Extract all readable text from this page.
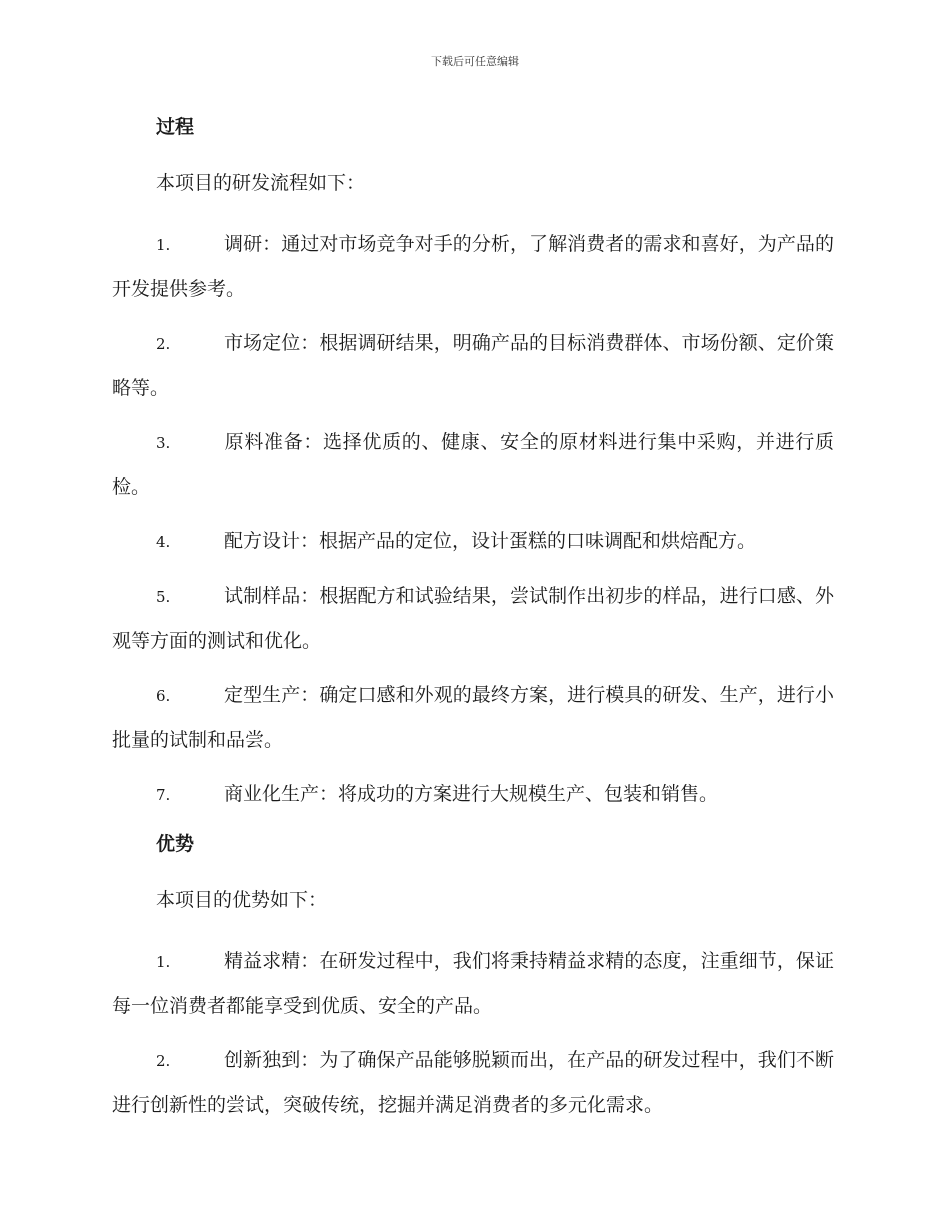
下载后可任意编辑
过程

本项目的研发流程如下：

1.	调研：通过对市场竞争对手的分析，了解消费者的需求和喜好，为产品的开发提供参考。

2.	市场定位：根据调研结果，明确产品的目标消费群体、市场份额、定价策略等。

3.	原料准备：选择优质的、健康、安全的原材料进行集中采购，并进行质检。

4.	配方设计：根据产品的定位，设计蛋糕的口味调配和烘焙配方。

5.	试制样品：根据配方和试验结果，尝试制作出初步的样品，进行口感、外观等方面的测试和优化。

6.	定型生产：确定口感和外观的最终方案，进行模具的研发、生产，进行小批量的试制和品尝。

7.	商业化生产：将成功的方案进行大规模生产、包装和销售。

优势

本项目的优势如下：

1.	精益求精：在研发过程中，我们将秉持精益求精的态度，注重细节，保证每一位消费者都能享受到优质、安全的产品。

2.	创新独到：为了确保产品能够脱颖而出，在产品的研发过程中，我们不断进行创新性的尝试，突破传统，挖掘并满足消费者的多元化需求。
